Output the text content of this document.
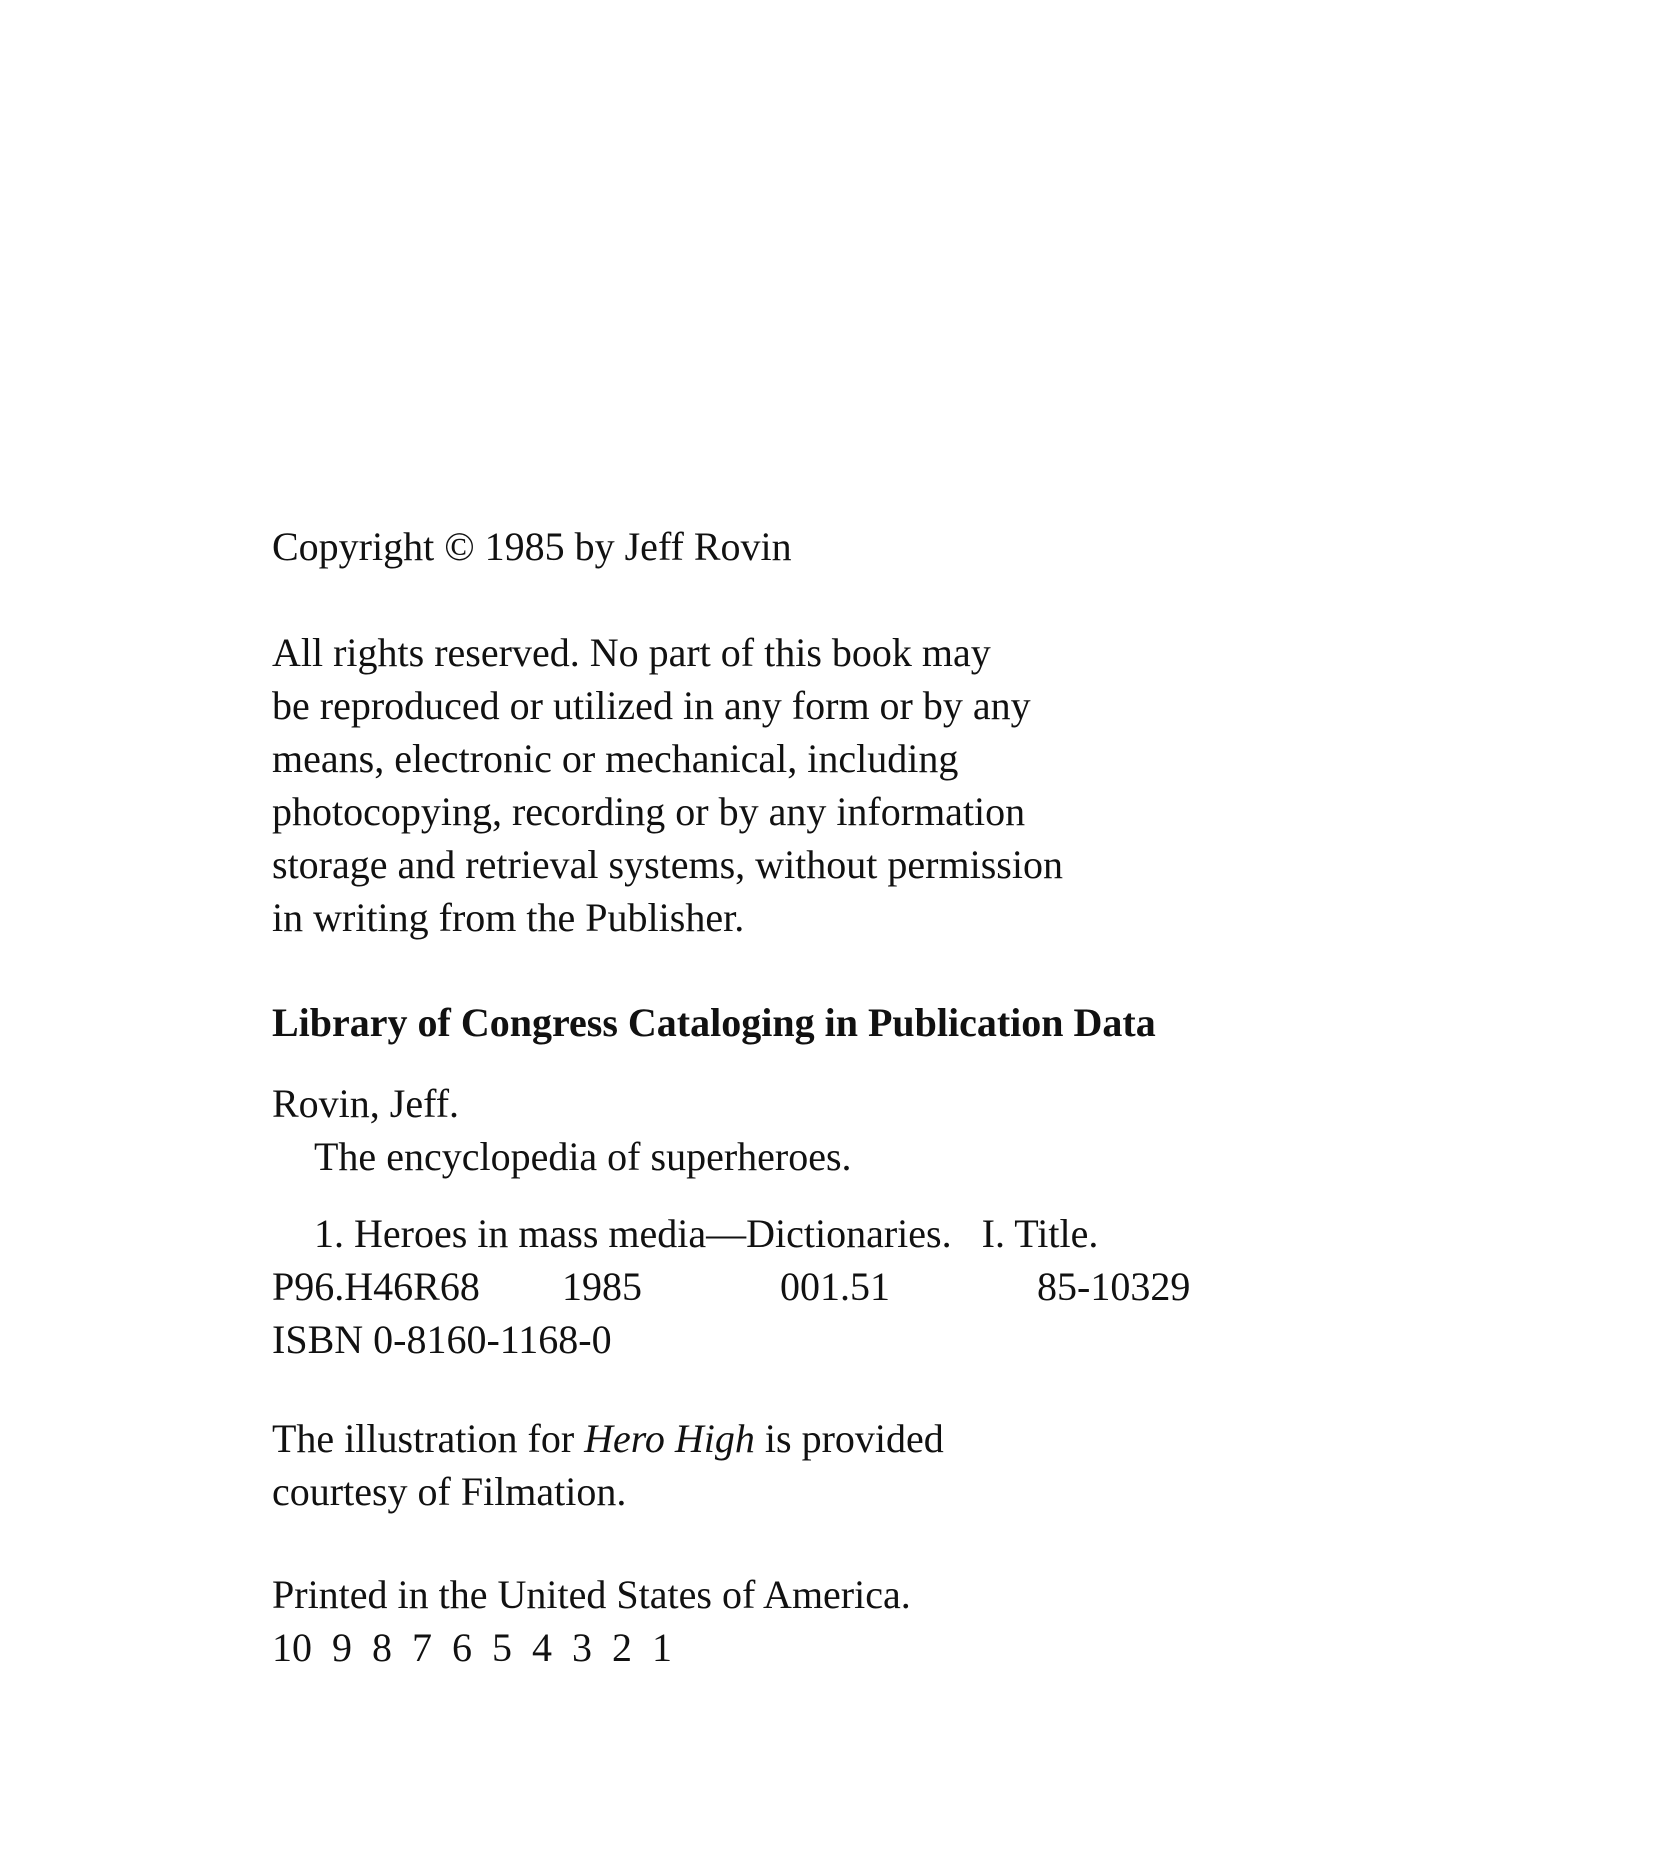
Copyright © 1985 by Jeff Rovin
All rights reserved. No part of this book may
be reproduced or utilized in any form or by any
means, electronic or mechanical, including
photocopying, recording or by any information
storage and retrieval systems, without permission
in writing from the Publisher.
Library of Congress Cataloging in Publication Data
Rovin, Jeff.
The encyclopedia of superheroes.
1. Heroes in mass media—Dictionaries.   I. Title.
P96.H46R68 1985	001.51	85-10329
ISBN 0-8160-1168-0
The illustration for Hero High is provided
courtesy of Filmation.
Printed in the United States of America.
10 9 8 7 6 5 4 3 2 1
